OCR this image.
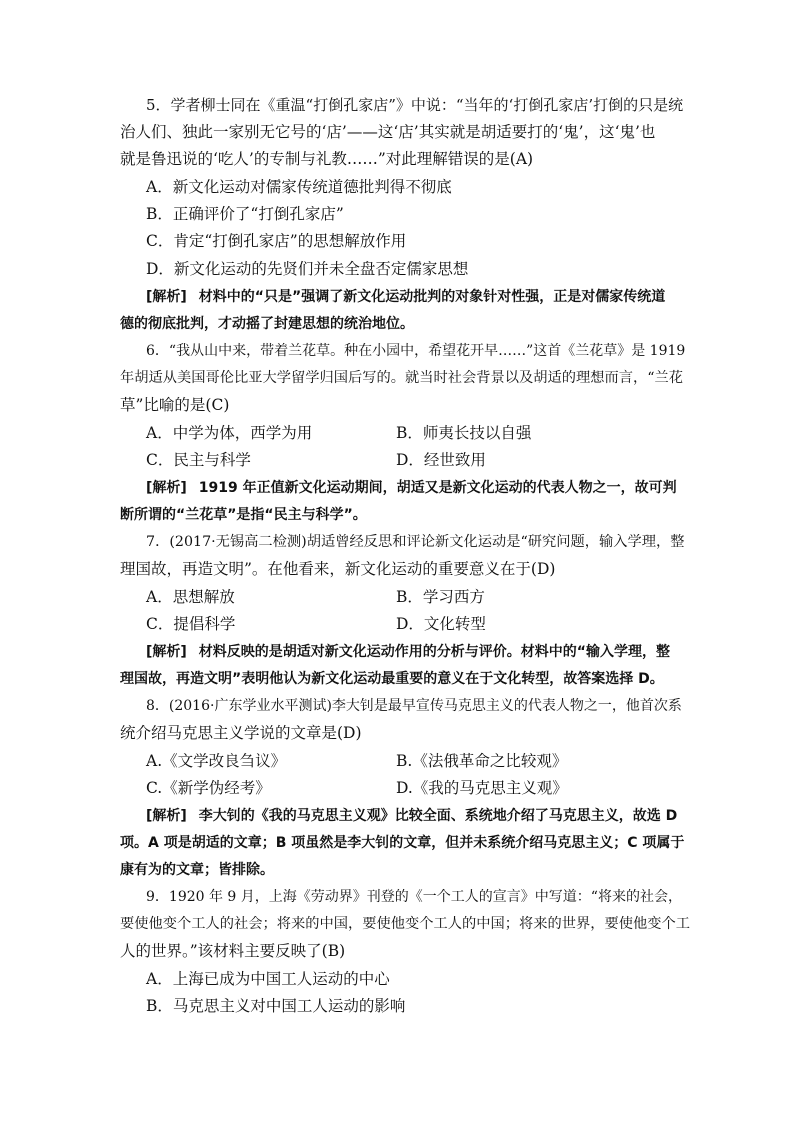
5．学者柳士同在《重温“打倒孔家店”》中说：“当年的‘打倒孔家店’打倒的只是统
治人们、独此一家别无它号的‘店’——这‘店’其实就是胡适要打的‘鬼’，这‘鬼’也
就是鲁迅说的‘吃人’的专制与礼教……”对此理解错误的是(A)
A．新文化运动对儒家传统道德批判得不彻底
B．正确评价了“打倒孔家店”
C．肯定“打倒孔家店”的思想解放作用
D．新文化运动的先贤们并未全盘否定儒家思想
[解析] 材料中的“只是”强调了新文化运动批判的对象针对性强，正是对儒家传统道
德的彻底批判，才动摇了封建思想的统治地位。
6．“我从山中来，带着兰花草。种在小园中，希望花开早……”这首《兰花草》是 1919
年胡适从美国哥伦比亚大学留学归国后写的。就当时社会背景以及胡适的理想而言，“兰花
草”比喻的是(C)
A．中学为体，西学为用	B．师夷长技以自强
C．民主与科学	D．经世致用
[解析] 1919 年正值新文化运动期间，胡适又是新文化运动的代表人物之一，故可判
断所谓的“兰花草”是指“民主与科学”。
7．(2017·无锡高二检测)胡适曾经反思和评论新文化运动是“研究问题，输入学理，整
理国故，再造文明”。在他看来，新文化运动的重要意义在于(D)
A．思想解放	B．学习西方
C．提倡科学	D．文化转型
[解析] 材料反映的是胡适对新文化运动作用的分析与评价。材料中的“输入学理，整
理国故，再造文明”表明他认为新文化运动最重要的意义在于文化转型，故答案选择 D。
8．(2016·广东学业水平测试)李大钊是最早宣传马克思主义的代表人物之一，他首次系
统介绍马克思主义学说的文章是(D)
A.《文学改良刍议》	B.《法俄革命之比较观》
C.《新学伪经考》	D.《我的马克思主义观》
[解析] 李大钊的《我的马克思主义观》比较全面、系统地介绍了马克思主义，故选 D
项。A 项是胡适的文章；B 项虽然是李大钊的文章，但并未系统介绍马克思主义；C 项属于
康有为的文章；皆排除。
9．1920 年 9 月，上海《劳动界》刊登的《一个工人的宣言》中写道：“将来的社会，
要使他变个工人的社会；将来的中国，要使他变个工人的中国；将来的世界，要使他变个工
人的世界。”该材料主要反映了(B)
A．上海已成为中国工人运动的中心
B．马克思主义对中国工人运动的影响
